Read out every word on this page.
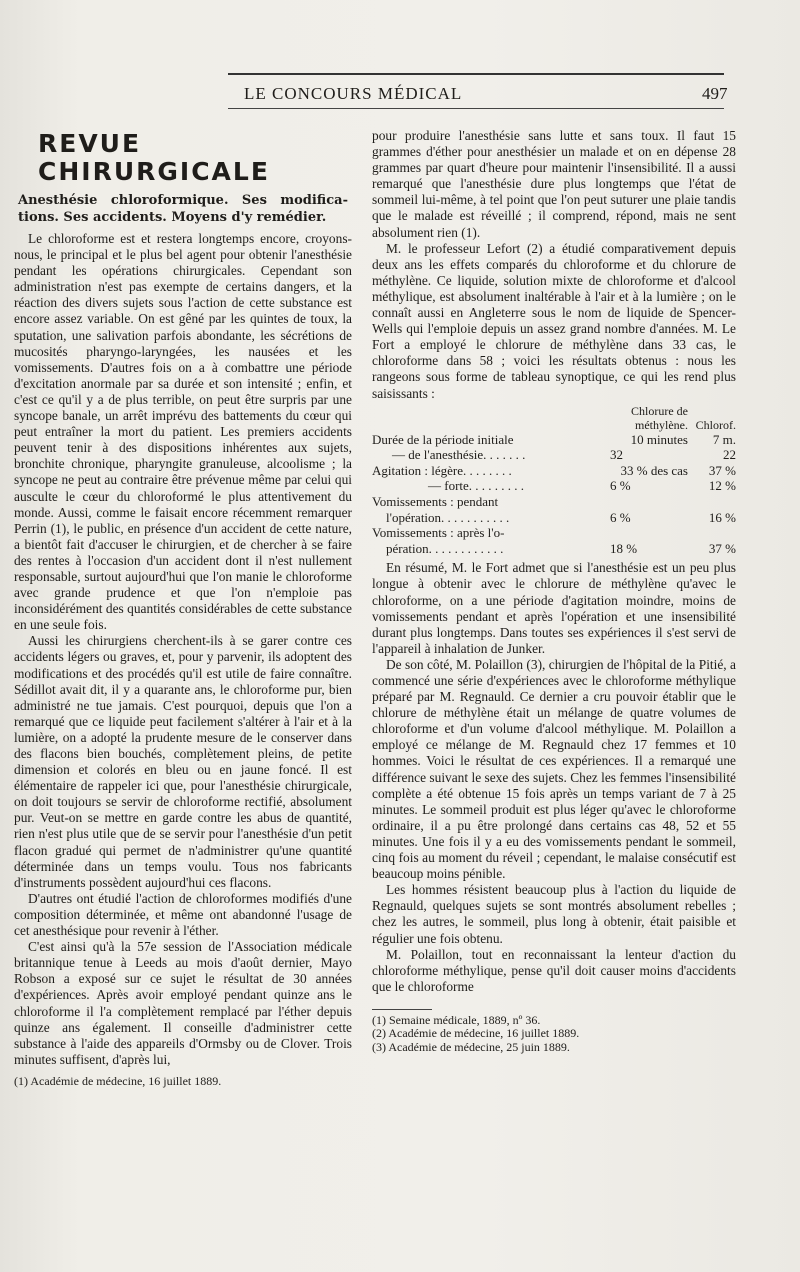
LE CONCOURS MÉDICAL	497
REVUE CHIRURGICALE
Anesthésie chloroformique. Ses modifica-
tions. Ses accidents. Moyens d'y remédier.

Le chloroforme est et restera longtemps encore, croyons-nous, le principal et le plus bel agent pour obtenir l'anesthésie pendant les opérations chirurgicales. Cependant son administration n'est pas exempte de certains dangers, et la réaction des divers sujets sous l'action de cette substance est encore assez variable. On est gêné par les quintes de toux, la sputation, une salivation parfois abondante, les sécrétions de mucosités pharyngo-laryngées, les nausées et les vomissements. D'autres fois on a à combattre une période d'excitation anormale par sa durée et son intensité ; enfin, et c'est ce qu'il y a de plus terrible, on peut être surpris par une syncope banale, un arrêt imprévu des battements du cœur qui peut entraîner la mort du patient. Les premiers accidents peuvent tenir à des dispositions inhérentes aux sujets, bronchite chronique, pharyngite granuleuse, alcoolisme ; la syncope ne peut au contraire être prévenue même par celui qui ausculte le cœur du chloroformé le plus attentivement du monde. Aussi, comme le faisait encore récemment remarquer Perrin (1), le public, en présence d'un accident de cette nature, a bientôt fait d'accuser le chirurgien, et de chercher à se faire des rentes à l'occasion d'un accident dont il n'est nullement responsable, surtout aujourd'hui que l'on manie le chloroforme avec grande prudence et que l'on n'emploie pas inconsidérément des quantités considérables de cette substance en une seule fois.

Aussi les chirurgiens cherchent-ils à se garer contre ces accidents légers ou graves, et, pour y parvenir, ils adoptent des modifications et des procédés qu'il est utile de faire connaître. Sédillot avait dit, il y a quarante ans, le chloroforme pur, bien administré ne tue jamais. C'est pourquoi, depuis que l'on a remarqué que ce liquide peut facilement s'altérer à l'air et à la lumière, on a adopté la prudente mesure de le conserver dans des flacons bien bouchés, complètement pleins, de petite dimension et colorés en bleu ou en jaune foncé. Il est élémentaire de rappeler ici que, pour l'anesthésie chirurgicale, on doit toujours se servir de chloroforme rectifié, absolument pur. Veut-on se mettre en garde contre les abus de quantité, rien n'est plus utile que de se servir pour l'anesthésie d'un petit flacon gradué qui permet de n'administrer qu'une quantité déterminée dans un temps voulu. Tous nos fabricants d'instruments possèdent aujourd'hui ces flacons.

D'autres ont étudié l'action de chloroformes modifiés d'une composition déterminée, et même ont abandonné l'usage de cet anesthésique pour revenir à l'éther.

C'est ainsi qu'à la 57e session de l'Association médicale britannique tenue à Leeds au mois d'août dernier, Mayo Robson a exposé sur ce sujet le résultat de 30 années d'expériences. Après avoir employé pendant quinze ans le chloroforme il l'a complètement remplacé par l'éther depuis quinze ans également. Il conseille d'administrer cette substance à l'aide des appareils d'Ormsby ou de Clover. Trois minutes suffisent, d'après lui,

(1) Académie de médecine, 16 juillet 1889.

pour produire l'anesthésie sans lutte et sans toux. Il faut 15 grammes d'éther pour anesthésier un malade et on en dépense 28 grammes par quart d'heure pour maintenir l'insensibilité. Il a aussi remarqué que l'anesthésie dure plus longtemps que l'état de sommeil lui-même, à tel point que l'on peut suturer une plaie tandis que le malade est réveillé ; il comprend, répond, mais ne sent absolument rien (1).

M. le professeur Lefort (2) a étudié comparativement depuis deux ans les effets comparés du chloroforme et du chlorure de méthylène. Ce liquide, solution mixte de chloroforme et d'alcool méthylique, est absolument inaltérable à l'air et à la lumière ; on le connaît aussi en Angleterre sous le nom de liquide de Spencer-Wells qui l'emploie depuis un assez grand nombre d'années. M. Le Fort a employé le chlorure de méthylène dans 33 cas, le chloroforme dans 58 ; voici les résultats obtenus : nous les rangeons sous forme de tableau synoptique, ce qui les rend plus saisissants :

	Chlorure de
méthylène.	Chlorof.
Durée de la période initiale	10 minutes	7 m.
— de l'anesthésie. . . . . . .	32	22
Agitation : légère. . . . . . . .	33 % des cas	37 %
— forte. . . . . . . . .	6 %	12 %
Vomissements : pendant		
l'opération. . . . . . . . . . .	6 %	16 %
Vomissements : après l'o-		
pération. . . . . . . . . . . .	18 %	37 %

En résumé, M. le Fort admet que si l'anesthésie est un peu plus longue à obtenir avec le chlorure de méthylène qu'avec le chloroforme, on a une période d'agitation moindre, moins de vomissements pendant et après l'opération et une insensibilité durant plus longtemps. Dans toutes ses expériences il s'est servi de l'appareil à inhalation de Junker.

De son côté, M. Polaillon (3), chirurgien de l'hôpital de la Pitié, a commencé une série d'expériences avec le chloroforme méthylique préparé par M. Regnauld. Ce dernier a cru pouvoir établir que le chlorure de méthylène était un mélange de quatre volumes de chloroforme et d'un volume d'alcool méthylique. M. Polaillon a employé ce mélange de M. Regnauld chez 17 femmes et 10 hommes. Voici le résultat de ces expériences. Il a remarqué une différence suivant le sexe des sujets. Chez les femmes l'insensibilité complète a été obtenue 15 fois après un temps variant de 7 à 25 minutes. Le sommeil produit est plus léger qu'avec le chloroforme ordinaire, il a pu être prolongé dans certains cas 48, 52 et 55 minutes. Une fois il y a eu des vomissements pendant le sommeil, cinq fois au moment du réveil ; cependant, le malaise consécutif est beaucoup moins pénible.

Les hommes résistent beaucoup plus à l'action du liquide de Regnauld, quelques sujets se sont montrés absolument rebelles ; chez les autres, le sommeil, plus long à obtenir, était paisible et régulier une fois obtenu.

M. Polaillon, tout en reconnaissant la lenteur d'action du chloroforme méthylique, pense qu'il doit causer moins d'accidents que le chloroforme

(1) Semaine médicale, 1889, nº 36.
(2) Académie de médecine, 16 juillet 1889.
(3) Académie de médecine, 25 juin 1889.
